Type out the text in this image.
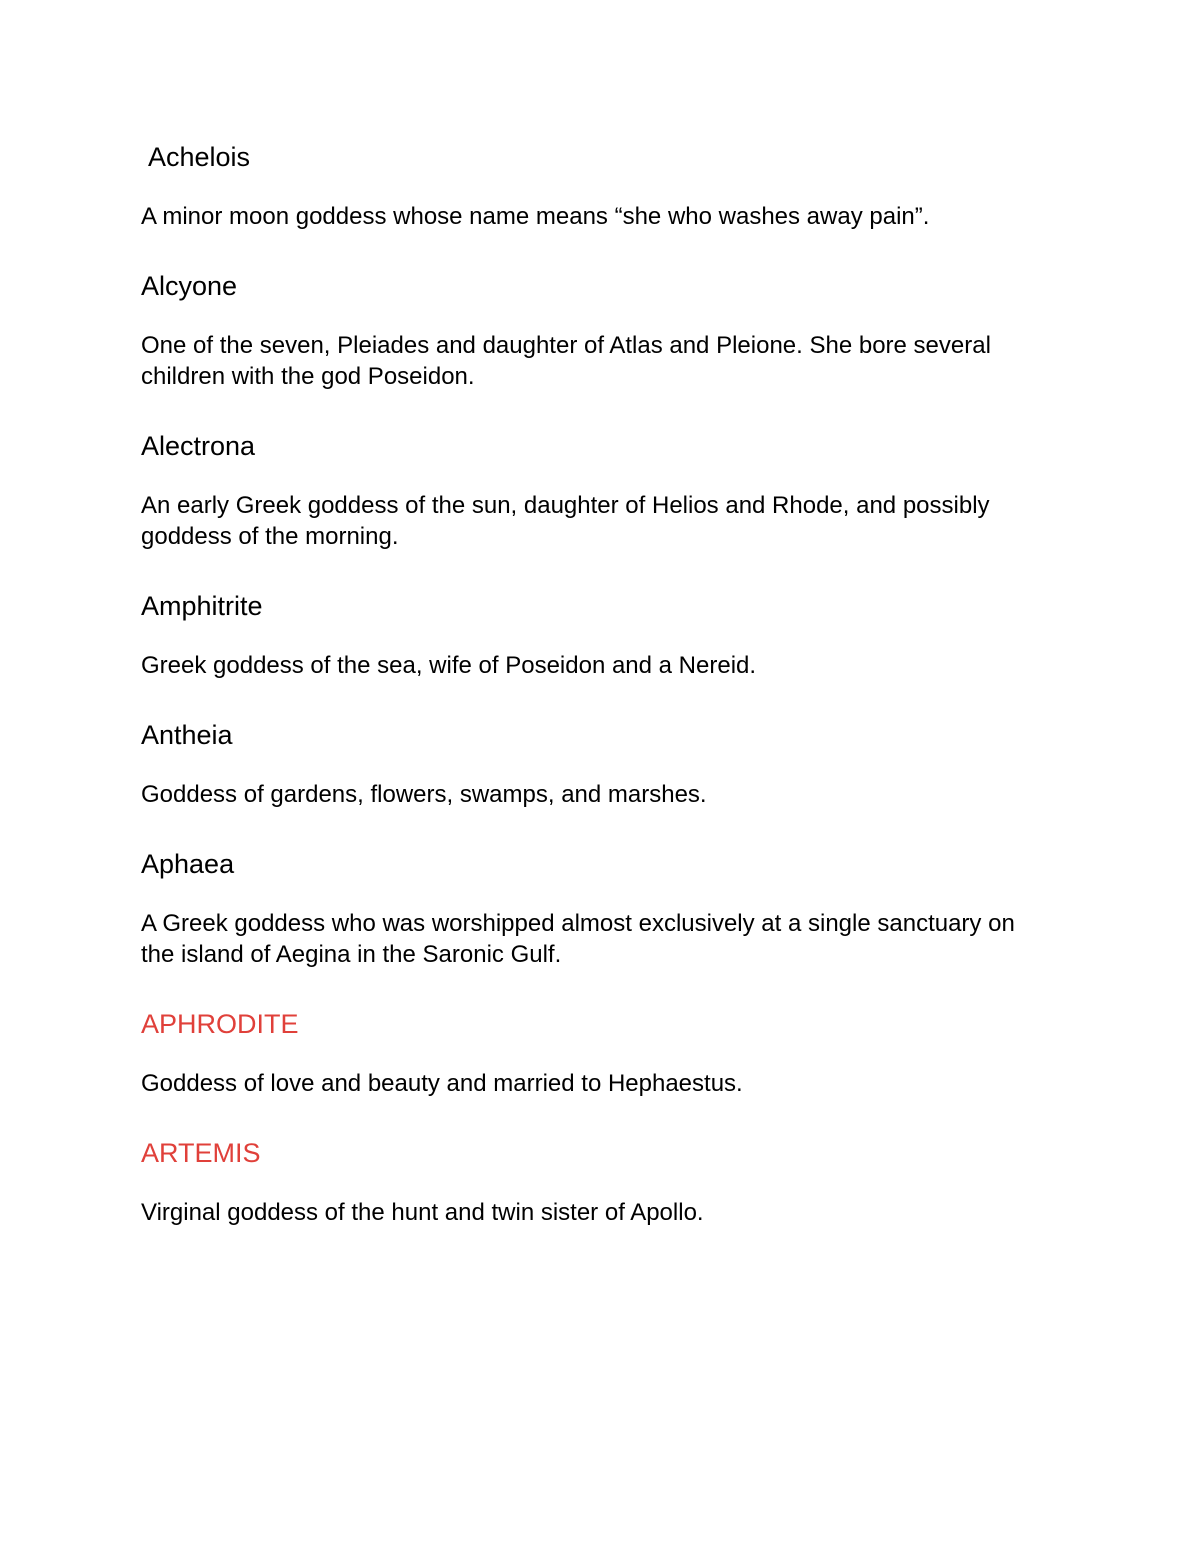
Achelois

A minor moon goddess whose name means “she who washes away pain”.

Alcyone

One of the seven, Pleiades and daughter of Atlas and Pleione. She bore several children with the god Poseidon.

Alectrona

An early Greek goddess of the sun, daughter of Helios and Rhode, and possibly goddess of the morning.

Amphitrite

Greek goddess of the sea, wife of Poseidon and a Nereid.

Antheia

Goddess of gardens, flowers, swamps, and marshes.

Aphaea

A Greek goddess who was worshipped almost exclusively at a single sanctuary on the island of Aegina in the Saronic Gulf.

APHRODITE

Goddess of love and beauty and married to Hephaestus.

ARTEMIS

Virginal goddess of the hunt and twin sister of Apollo.
